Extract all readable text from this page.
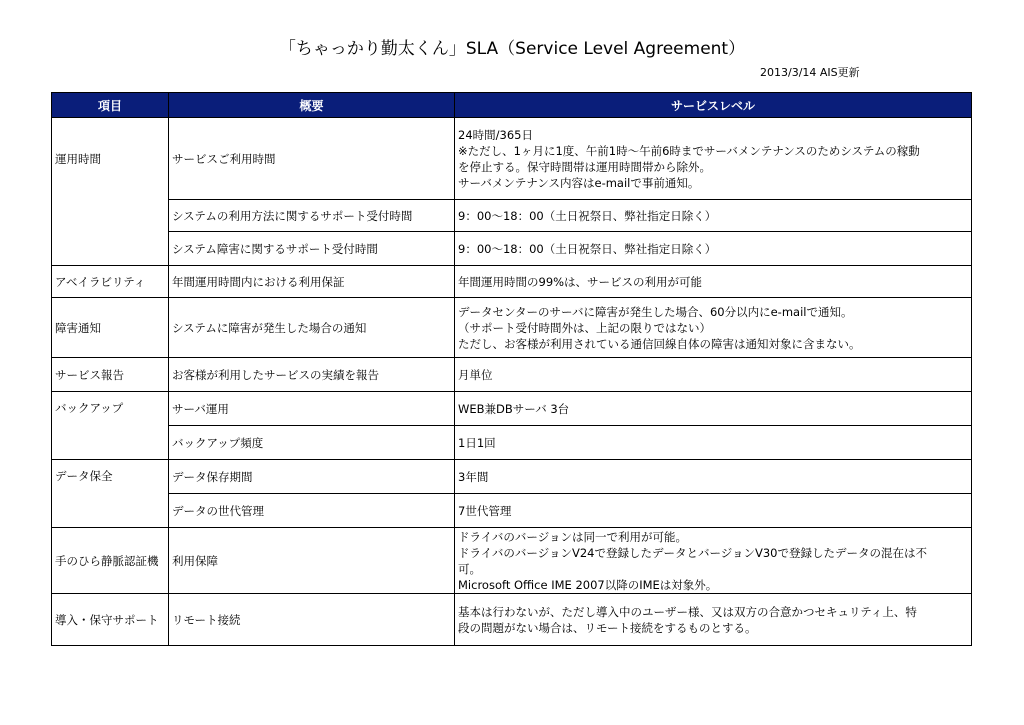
「ちゃっかり勤太くん」SLA（Service Level Agreement）
2013/3/14 AIS更新
項目	概要	サービスレベル
運用時間	サービスご利用時間	24時間/365日
※ただし、1ヶ月に1度、午前1時～午前6時までサーバメンテナンスのためシステムの稼動
を停止する。保守時間帯は運用時間帯から除外。
サーバメンテナンス内容はe-mailで事前通知。

	システムの利用方法に関するサポート受付時間	9：00～18：00（土日祝祭日、弊社指定日除く）

	システム障害に関するサポート受付時間	9：00～18：00（土日祝祭日、弊社指定日除く）

アベイラビリティ	年間運用時間内における利用保証	年間運用時間の99%は、サービスの利用が可能

障害通知	システムに障害が発生した場合の通知	データセンターのサーバに障害が発生した場合、60分以内にe-mailで通知。
（サポート受付時間外は、上記の限りではない）
ただし、お客様が利用されている通信回線自体の障害は通知対象に含まない。

サービス報告	お客様が利用したサービスの実績を報告	月単位

バックアップ	サーバ運用	WEB兼DBサーバ 3台

	バックアップ頻度	1日1回

データ保全	データ保存期間	3年間

	データの世代管理	7世代管理

手のひら静脈認証機	利用保障	ドライバのバージョンは同一で利用が可能。
ドライバのバージョンV24で登録したデータとバージョンV30で登録したデータの混在は不
可。
Microsoft Office IME 2007以降のIMEは対象外。

導入・保守サポート	リモート接続	基本は行わないが、ただし導入中のユーザー様、又は双方の合意かつセキュリティ上、特
段の問題がない場合は、リモート接続をするものとする。
